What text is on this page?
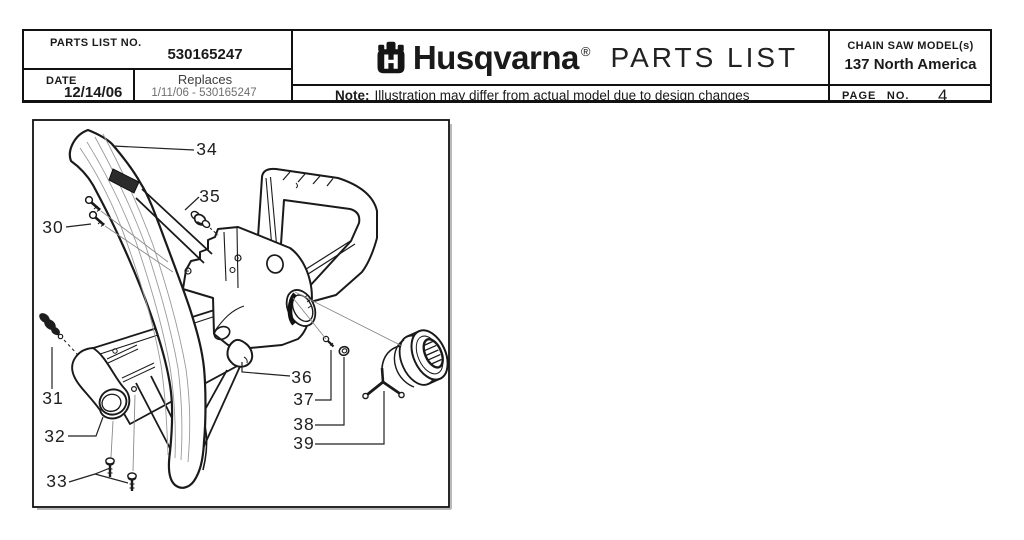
PARTS LIST NO.
530165247
DATE
12/14/06
Replaces
1/11/06 - 530165247
Husqvarna ® PARTS LIST
Note: Illustration may differ from actual model due to design changes
CHAIN SAW MODEL(s)
137 North America
PAGE  NO. 4
30
31
32
33
34
35
36
37
38
39
